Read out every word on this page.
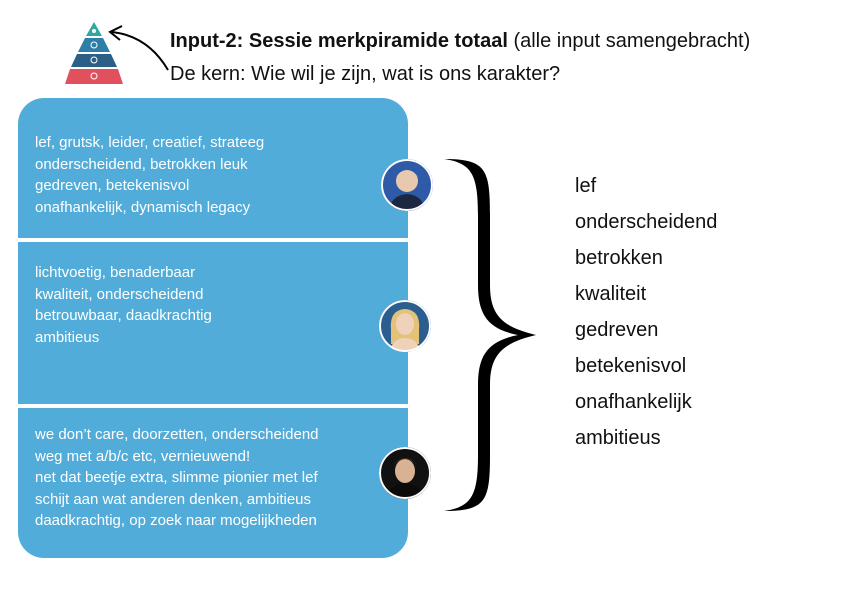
Input-2: Sessie merkpiramide totaal (alle input samengebracht)
De kern: Wie wil je zijn, wat is ons karakter?
lef, grutsk, leider, creatief, strateeg
onderscheidend, betrokken leuk
gedreven, betekenisvol
onafhankelijk, dynamisch legacy
lichtvoetig, benaderbaar
kwaliteit, onderscheidend
betrouwbaar, daadkrachtig
ambitieus
we don’t care, doorzetten, onderscheidend
weg met a/b/c etc, vernieuwend!
net dat beetje extra, slimme pionier met lef
schijt aan wat anderen denken, ambitieus
daadkrachtig, op zoek naar mogelijkheden
lef
onderscheidend
betrokken
kwaliteit
gedreven
betekenisvol
onafhankelijk
ambitieus
